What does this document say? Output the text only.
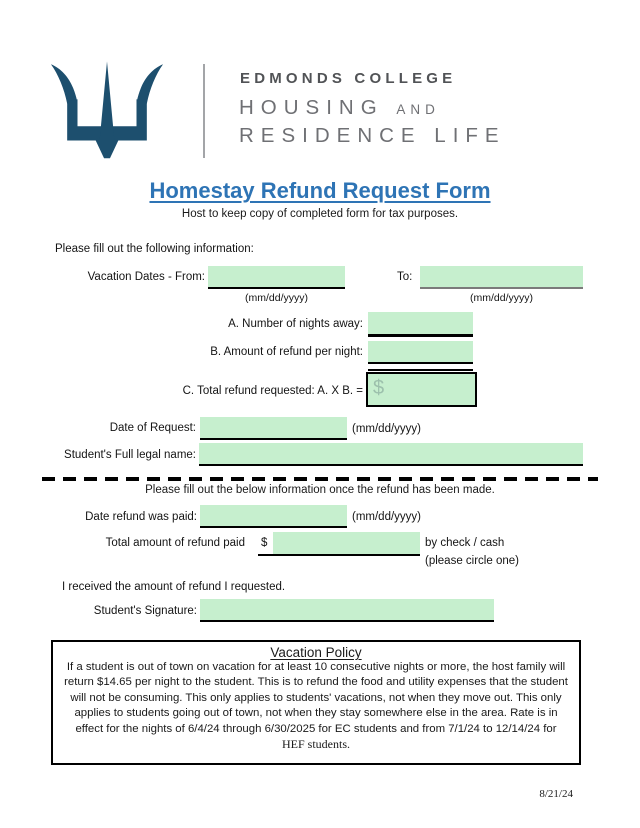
EDMONDS COLLEGE
HOUSING AND
RESIDENCE LIFE
Homestay Refund Request Form
Host to keep copy of completed form for tax purposes.
Please fill out the following information:
Vacation Dates - From:
(mm/dd/yyyy)
To:
(mm/dd/yyyy)
A. Number of nights away:
B. Amount of refund per night:
C. Total refund requested: A. X B. = $
Date of Request:	(mm/dd/yyyy)
Student's Full legal name:
Please fill out the below information once the refund has been made.
Date refund was paid:	(mm/dd/yyyy)
Total amount of refund paid $	by check / cash
(please circle one)
I received the amount of refund I requested.
Student's Signature:
Vacation Policy
If a student is out of town on vacation for at least 10 consecutive nights or more, the host family will
return $14.65 per night to the student. This is to refund the food and utility expenses that the student
will not be consuming. This only applies to students' vacations, not when they move out. This only
applies to students going out of town, not when they stay somewhere else in the area. Rate is in
effect for the nights of 6/4/24 through 6/30/2025 for EC students and from 7/1/24 to 12/14/24 for
HEF students.
8/21/24
